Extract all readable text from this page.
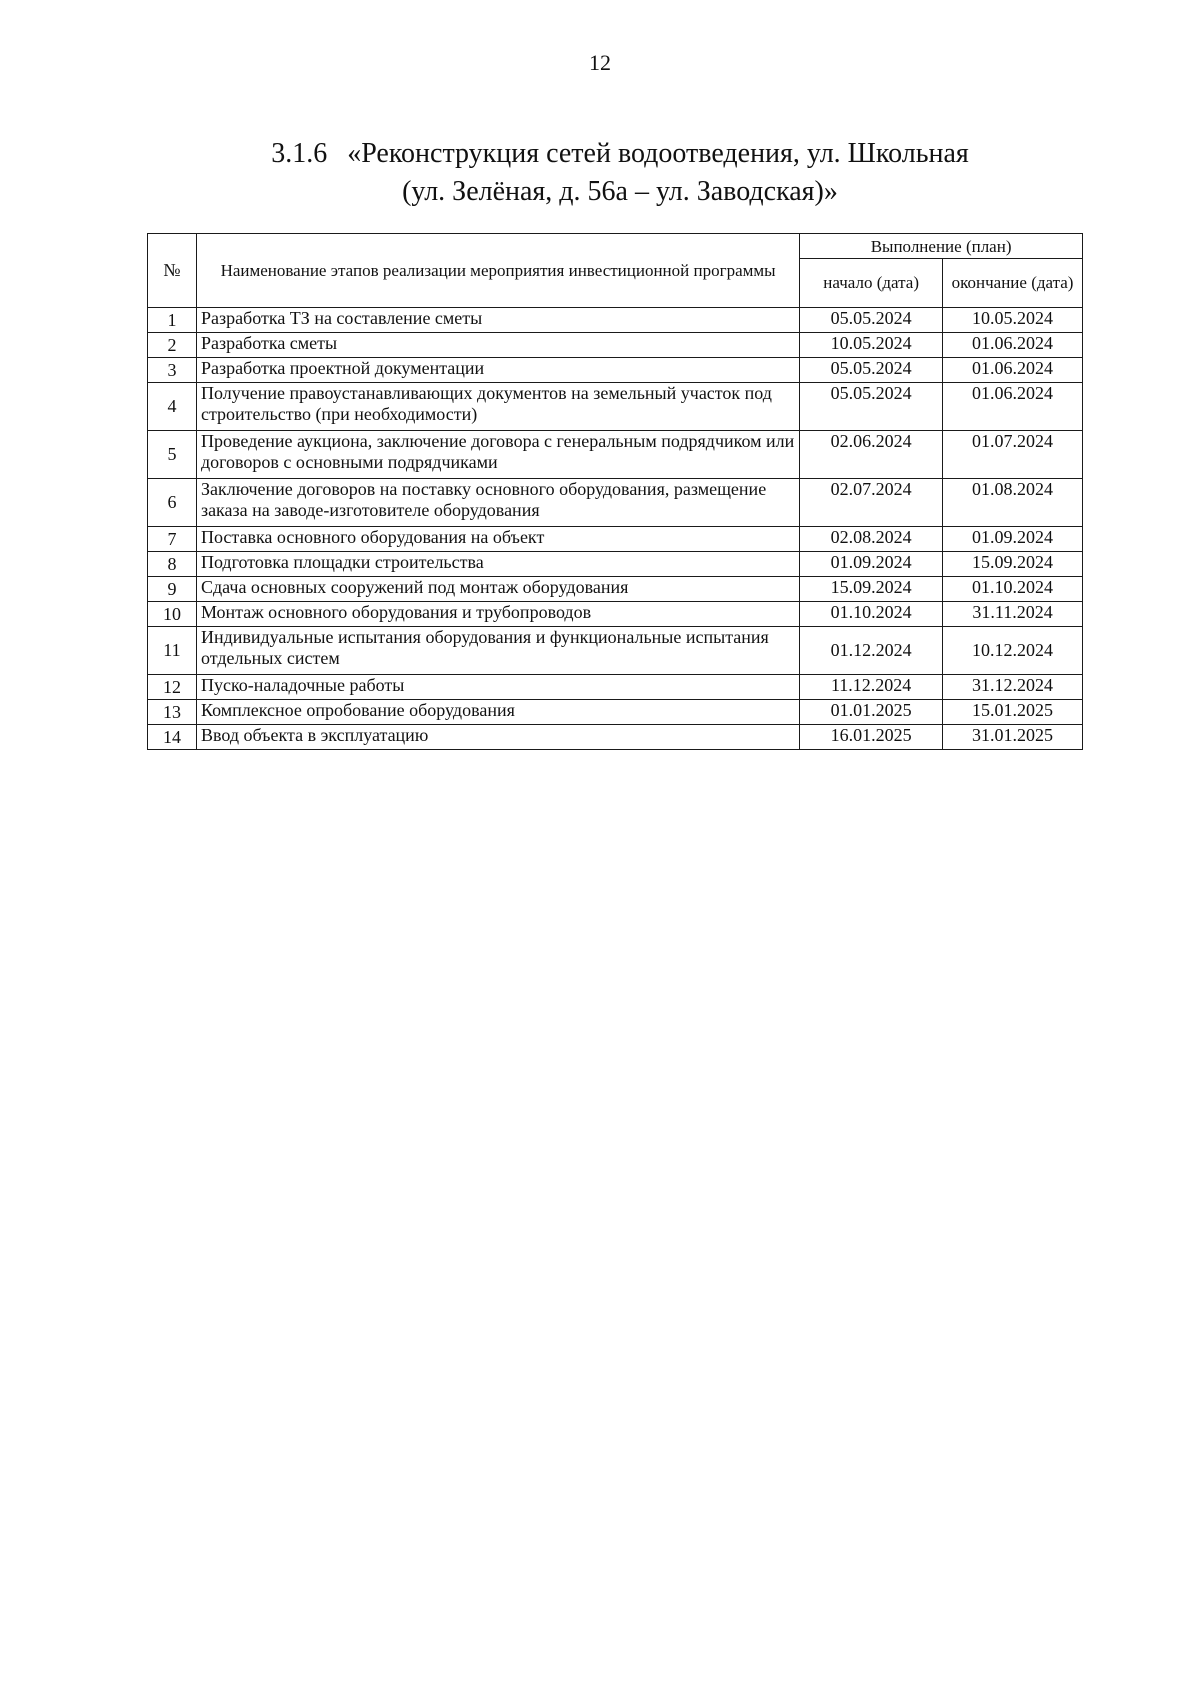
12
3.1.6 «Реконструкция сетей водоотведения, ул. Школьная
(ул. Зелёная, д. 56а – ул. Заводская)»
№	Наименование этапов реализации мероприятия инвестиционной программы	Выполнение (план)	
		начало (дата)	окончание (дата)
1	Разработка ТЗ на составление сметы	05.05.2024	10.05.2024
2	Разработка сметы	10.05.2024	01.06.2024
3	Разработка проектной документации	05.05.2024	01.06.2024
4	Получение правоустанавливающих документов на земельный участок под строительство (при необходимости)	05.05.2024	01.06.2024
5	Проведение аукциона, заключение договора с генеральным подрядчиком или договоров с основными подрядчиками	02.06.2024	01.07.2024
6	Заключение договоров на поставку основного оборудования, размещение заказа на заводе-изготовителе оборудования	02.07.2024	01.08.2024
7	Поставка основного оборудования на объект	02.08.2024	01.09.2024
8	Подготовка площадки строительства	01.09.2024	15.09.2024
9	Сдача основных сооружений под монтаж оборудования	15.09.2024	01.10.2024
10	Монтаж основного оборудования и трубопроводов	01.10.2024	31.11.2024
11	Индивидуальные испытания оборудования и функциональные испытания отдельных систем	01.12.2024	10.12.2024
12	Пуско-наладочные работы	11.12.2024	31.12.2024
13	Комплексное опробование оборудования	01.01.2025	15.01.2025
14	Ввод объекта в эксплуатацию	16.01.2025	31.01.2025
